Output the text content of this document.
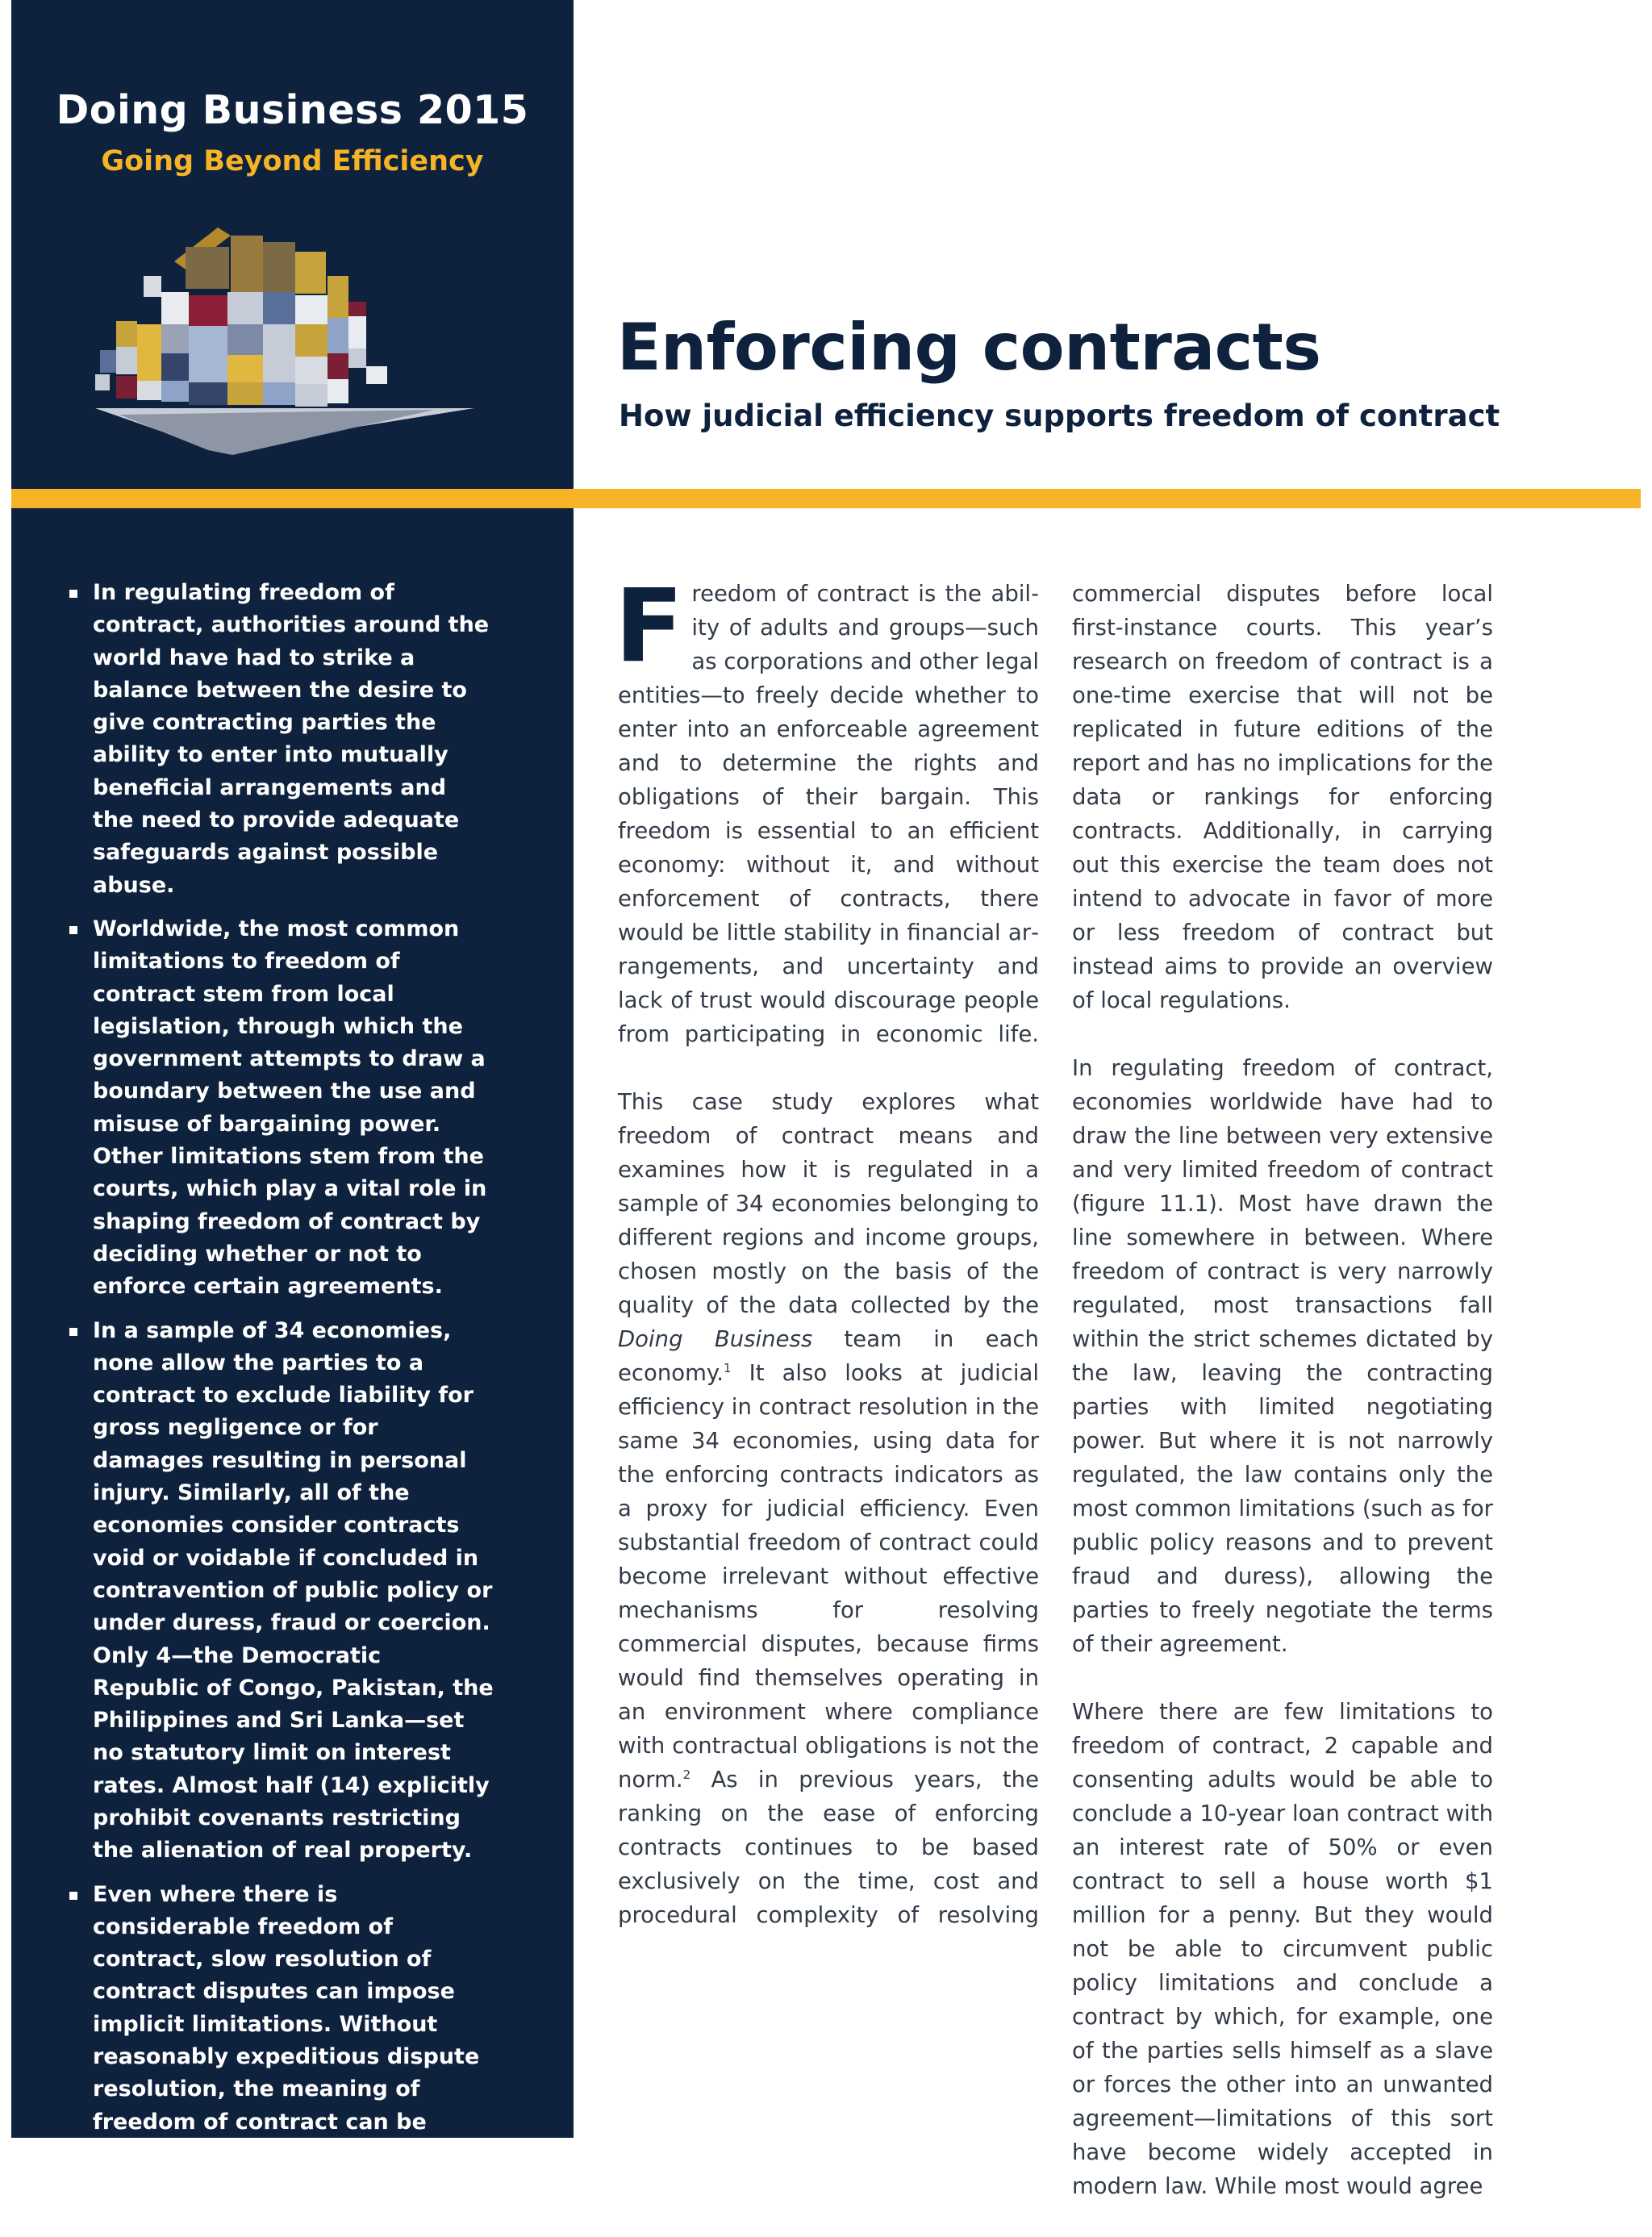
Doing Business 2015
Going Beyond Efficiency
Enforcing contracts
How judicial efficiency supports freedom of contract
In regulating freedom of contract, authorities around the world have had to strike a balance between the desire to give contracting parties the ability to enter into mutually beneficial arrangements and the need to provide adequate safeguards against possible abuse.
Worldwide, the most common limitations to freedom of contract stem from local legislation, through which the government attempts to draw a boundary between the use and misuse of bargaining power. Other limitations stem from the courts, which play a vital role in shaping freedom of contract by deciding whether or not to enforce certain agreements.
In a sample of 34 economies, none allow the parties to a contract to exclude liability for gross negligence or for damages resulting in personal injury. Similarly, all of the economies consider contracts void or voidable if concluded in contravention of public policy or under duress, fraud or coercion. Only 4—the Democratic Republic of Congo, Pakistan, the Philippines and Sri Lanka—set no statutory limit on interest rates. Almost half (14) explicitly prohibit covenants restricting the alienation of real property.
Even where there is considerable freedom of contract, slow resolution of contract disputes can impose implicit limitations. Without reasonably expeditious dispute resolution, the meaning of freedom of contract can be greatly eroded.

Freedom of contract is the ability of adults and groups—such as corporations and other legal entities—to freely decide whether to enter into an enforceable agreement and to determine the rights and obligations of their bargain. This freedom is essential to an efficient economy: without it, and without enforcement of contracts, there would be little stability in financial arrangements, and uncertainty and lack of trust would discourage people from participating in economic life.

This case study explores what freedom of contract means and examines how it is regulated in a sample of 34 economies belonging to different regions and income groups, chosen mostly on the basis of the quality of the data collected by the Doing Business team in each economy.$^1$ It also looks at judicial efficiency in contract resolution in the same 34 economies, using data for the enforcing contracts indicators as a proxy for judicial efficiency. Even substantial freedom of contract could become irrelevant without effective mechanisms for resolving commercial disputes, because firms would find themselves operating in an environment where compliance with contractual obligations is not the norm.$^2$ As in previous years, the ranking on the ease of enforcing contracts continues to be based exclusively on the time, cost and procedural complexity of resolving

commercial disputes before local first-instance courts. This year’s research on freedom of contract is a one-time exercise that will not be replicated in future editions of the report and has no implications for the data or rankings for enforcing contracts. Additionally, in carrying out this exercise the team does not intend to advocate in favor of more or less freedom of contract but instead aims to provide an overview of local regulations.

In regulating freedom of contract, economies worldwide have had to draw the line between very extensive and very limited freedom of contract (figure 11.1). Most have drawn the line somewhere in between. Where freedom of contract is very narrowly regulated, most transactions fall within the strict schemes dictated by the law, leaving the contracting parties with limited negotiating power. But where it is not narrowly regulated, the law contains only the most common limitations (such as for public policy reasons and to prevent fraud and duress), allowing the parties to freely negotiate the terms of their agreement.

Where there are few limitations to freedom of contract, 2 capable and consenting adults would be able to conclude a 10-year loan contract with an interest rate of 50% or even contract to sell a house worth $1 million for a penny. But they would not be able to circumvent public policy limitations and conclude a contract by which, for example, one of the parties sells himself as a slave or forces the other into an unwanted agreement—limitations of this sort have become widely accepted in modern law. While most would agree
